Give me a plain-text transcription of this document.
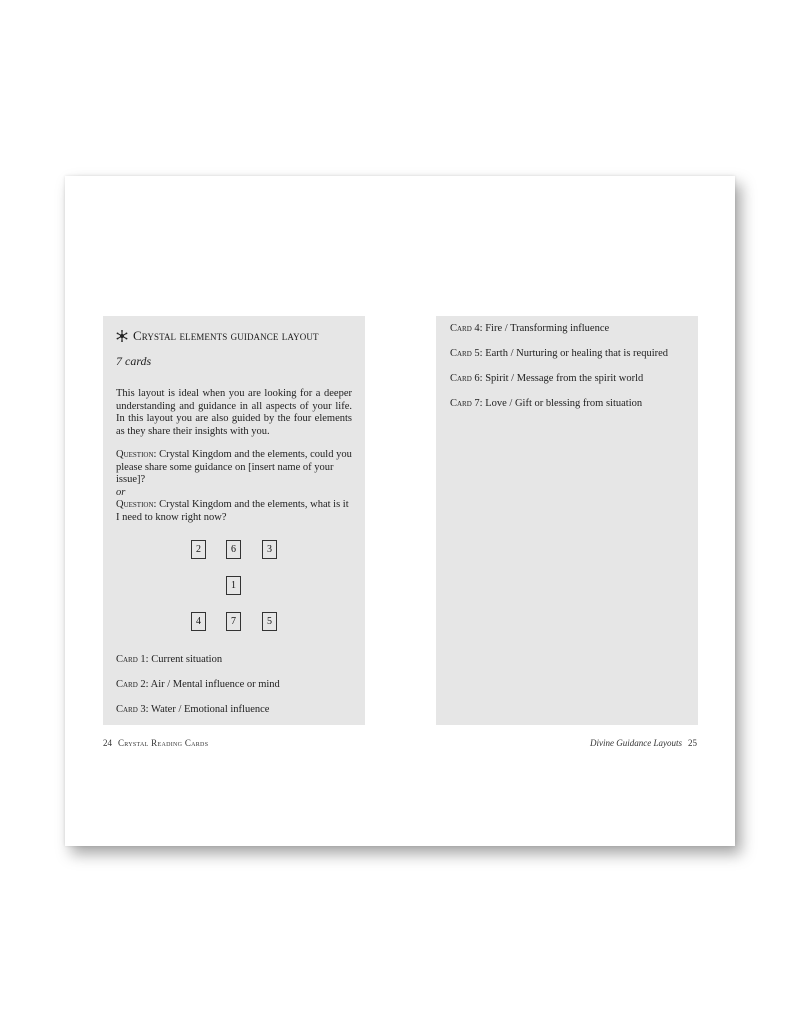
Crystal elements guidance layout
7 cards
This layout is ideal when you are looking for a deeper understanding and guidance in all aspects of your life. In this layout you are also guided by the four elements as they share their insights with you.
Question: Crystal Kingdom and the elements, could you please share some guidance on [insert name of your issue]?
or
Question: Crystal Kingdom and the elements, what is it I need to know right now?
2	6	3
1
4	7	5
Card 1: Current situation
Card 2: Air / Mental influence or mind
Card 3: Water / Emotional influence
Card 4: Fire / Transforming influence
Card 5: Earth / Nurturing or healing that is required
Card 6: Spirit / Message from the spirit world
Card 7: Love / Gift or blessing from situation
24 Crystal Reading Cards	Divine Guidance Layouts 25
